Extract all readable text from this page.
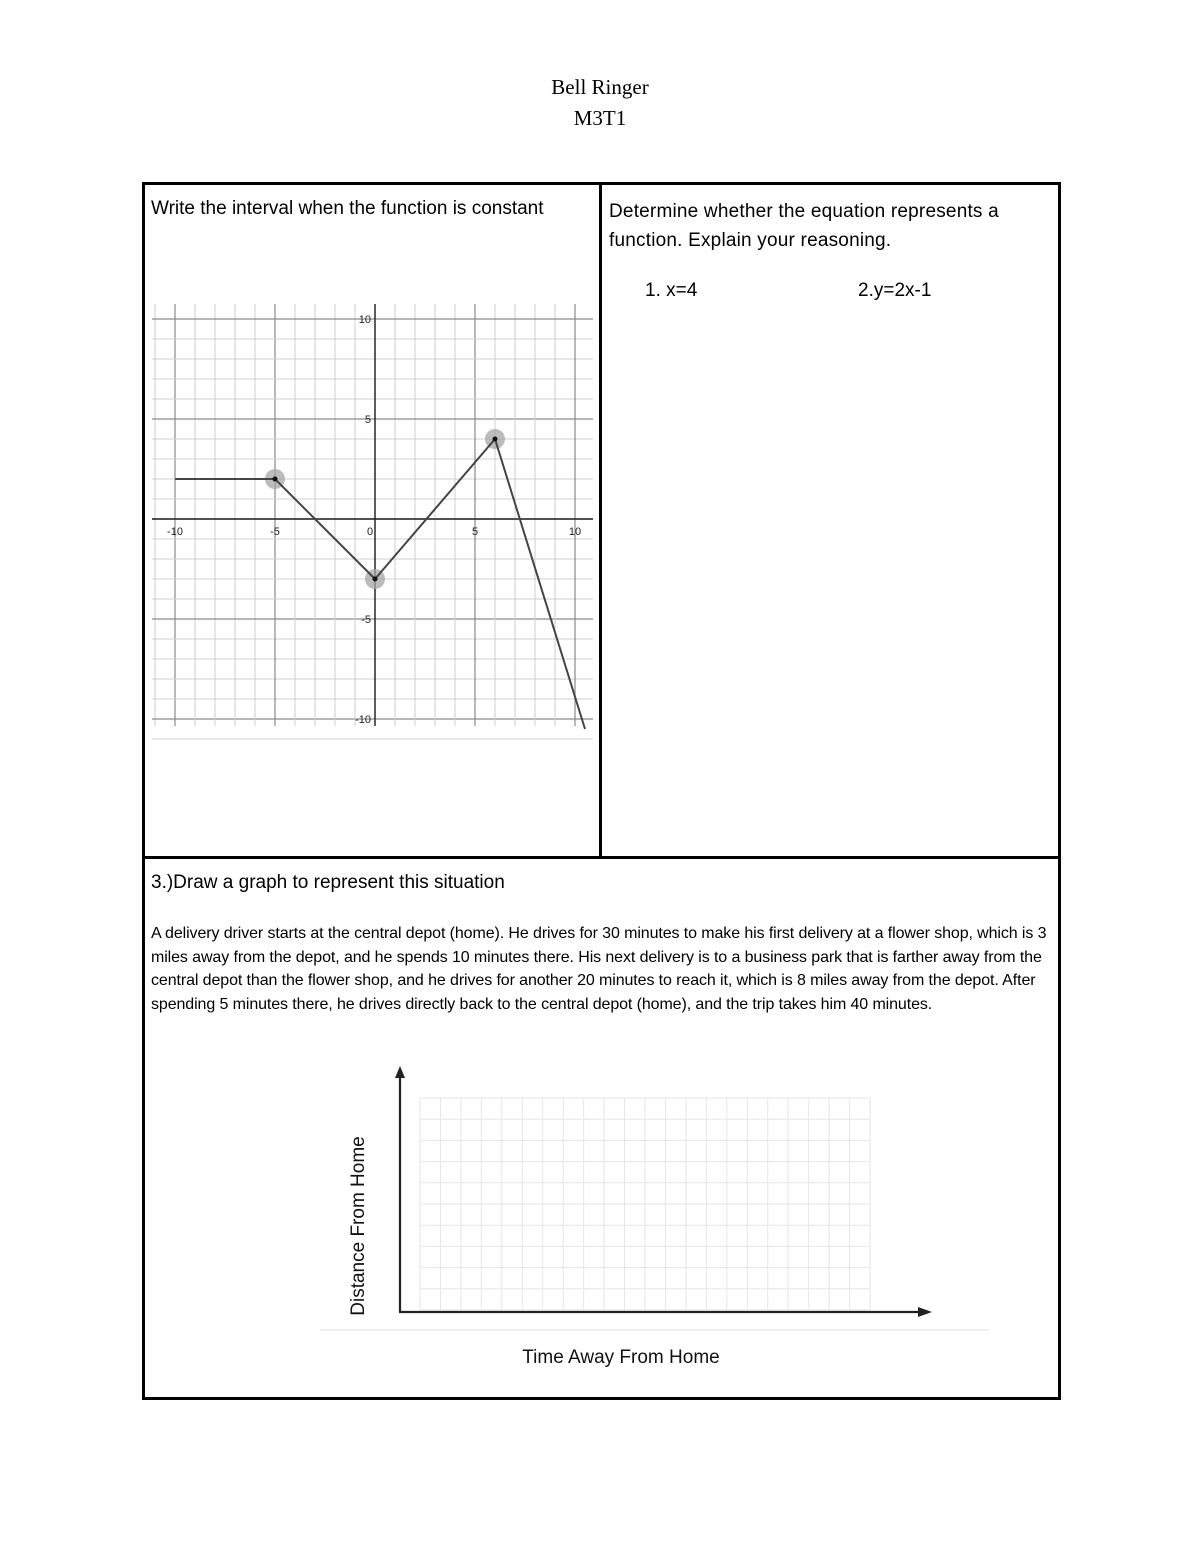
Bell Ringer
M3T1
Write the interval when the function is constant
-10	-5	0	5	10
10
5
-5
-10
Determine whether the equation represents a function. Explain your reasoning.
1. x=4	2.y=2x-1
3.)Draw a graph to represent this situation
A delivery driver starts at the central depot (home). He drives for 30 minutes to make his first delivery at a flower shop, which is 3 miles away from the depot, and he spends 10 minutes there. His next delivery is to a business park that is farther away from the central depot than the flower shop, and he drives for another 20 minutes to reach it, which is 8 miles away from the depot. After spending 5 minutes there, he drives directly back to the central depot (home), and the trip takes him 40 minutes.
Distance From Home
Time Away From Home
